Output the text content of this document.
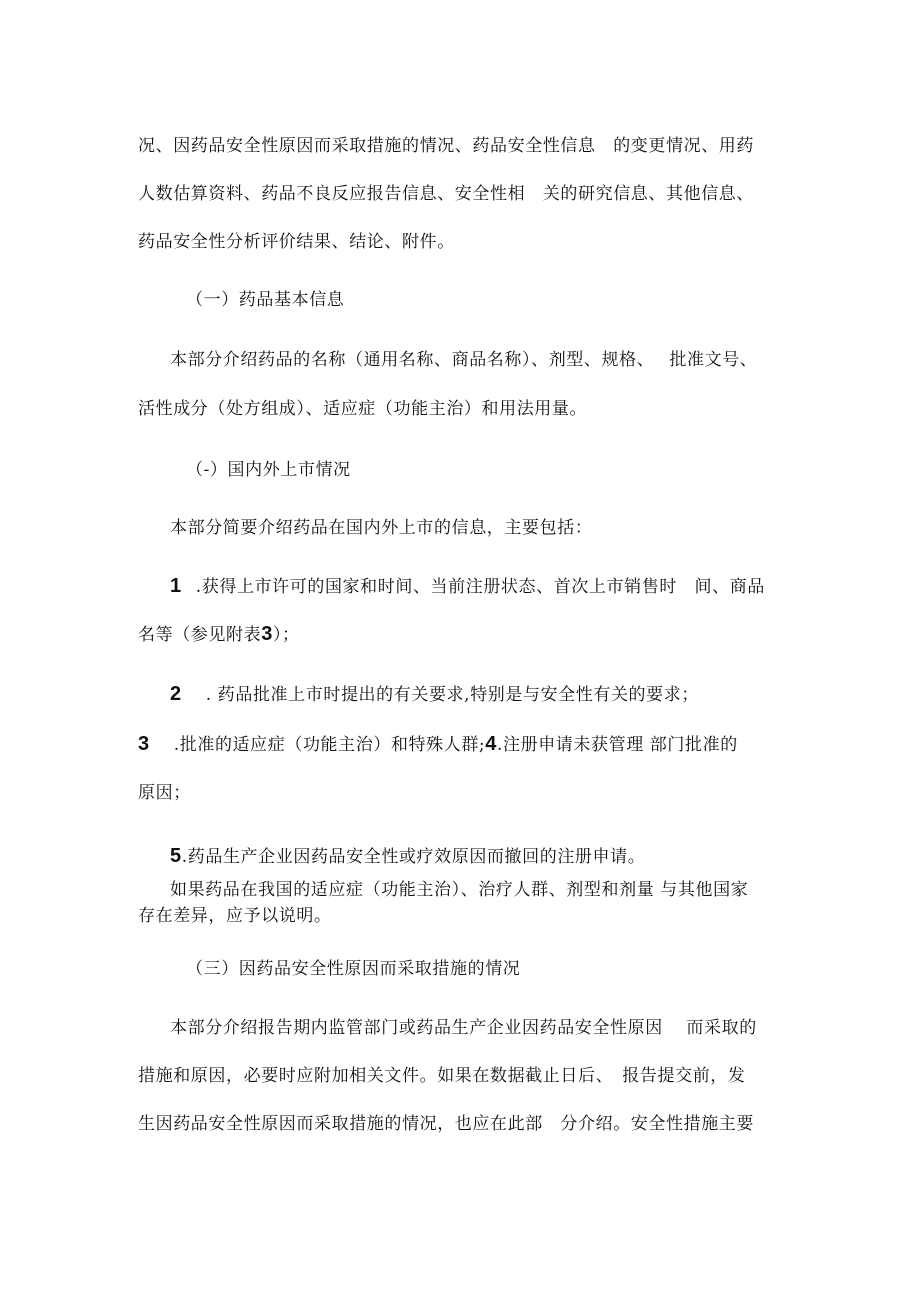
况、因药品安全性原因而采取措施的情况、药品安全性信息　的变更情况、用药
人数估算资料、药品不良反应报告信息、安全性相　关的研究信息、其他信息、
药品安全性分析评价结果、结论、附件。
（一）药品基本信息
本部分介绍药品的名称（通用名称、商品名称）、剂型、规格、　 批准文号、
活性成分（处方组成）、适应症（功能主治）和用法用量。
（-）国内外上市情况
本部分简要介绍药品在国内外上市的信息，主要包括：
1 .获得上市许可的国家和时间、当前注册状态、首次上市销售时　间、商品
名等（参见附表3）；
2 . 药品批准上市时提出的有关要求,特别是与安全性有关的要求；
3 .批准的适应症（功能主治）和特殊人群;4.注册申请未获管理 部门批准的
原因；
5.药品生产企业因药品安全性或疗效原因而撤回的注册申请。
如果药品在我国的适应症（功能主治）、治疗人群、剂型和剂量 与其他国家
存在差异，应予以说明。
（三）因药品安全性原因而采取措施的情况
本部分介绍报告期内监管部门或药品生产企业因药品安全性原因　 而采取的
措施和原因，必要时应附加相关文件。如果在数据截止日后、　报告提交前，发
生因药品安全性原因而采取措施的情况，也应在此部　分介绍。安全性措施主要
